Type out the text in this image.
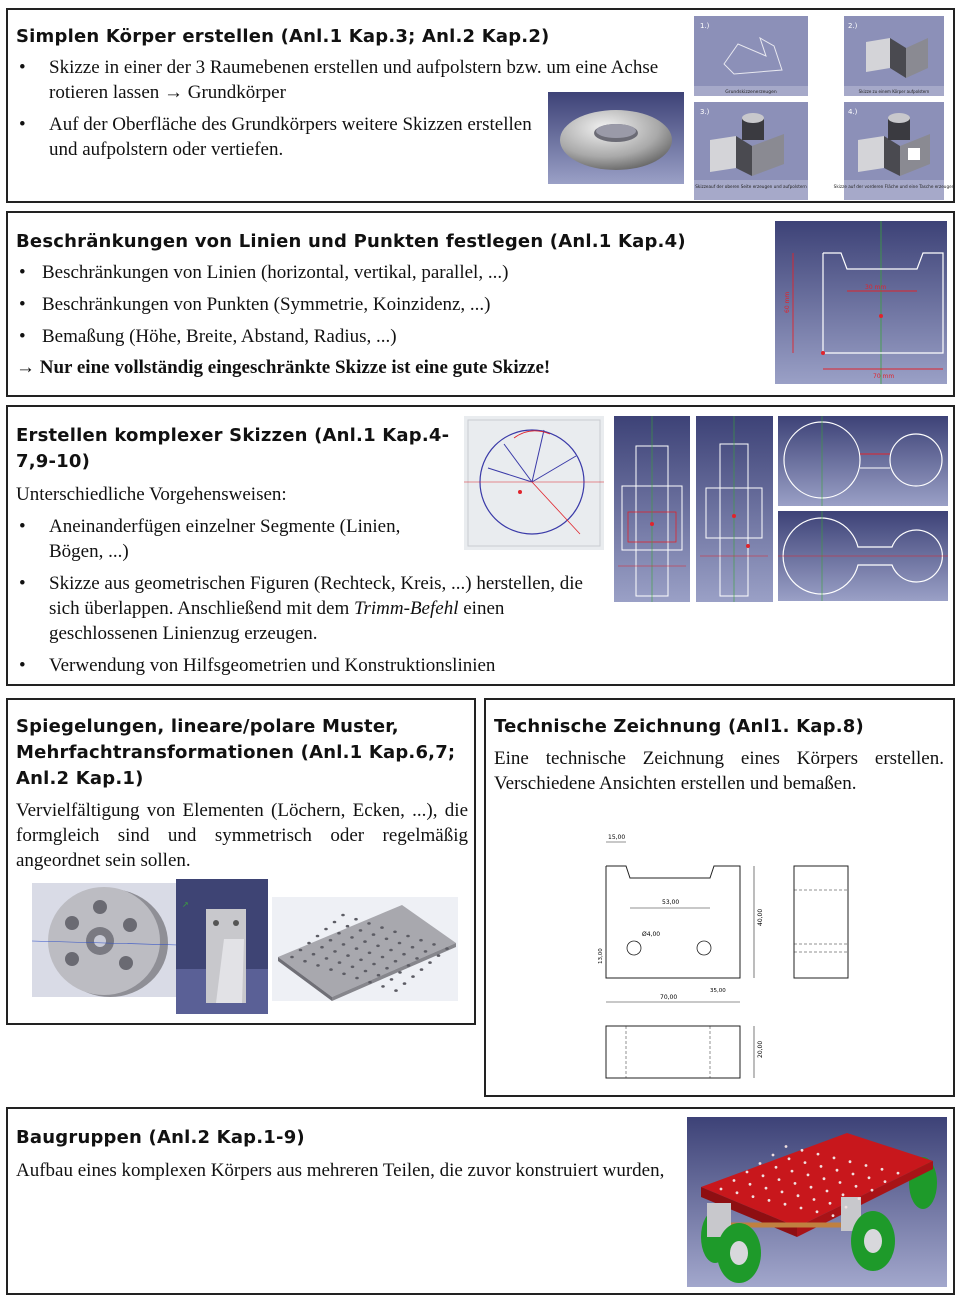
Simplen Körper erstellen (Anl.1 Kap.3; Anl.2 Kap.2)
• Skizze in einer der 3 Raumebenen erstellen und aufpolstern bzw. um eine Achse rotieren lassen → Grundkörper
• Auf der Oberfläche des Grundkörpers weitere Skizzen erstellen und aufpolstern oder vertiefen.
1.)
Grundskizzenerzeugen
2.)
Skizze zu einem Körper aufpolstern
3.)
Skizzeauf der oberen Seite erzeugen und aufpolstern
4.)
Skizze auf der vorderen Fläche und eine Tasche erzeugen
Beschränkungen von Linien und Punkten festlegen (Anl.1 Kap.4)
• Beschränkungen von Linien (horizontal, vertikal, parallel, ...)
• Beschränkungen von Punkten (Symmetrie, Koinzidenz, ...)
• Bemaßung (Höhe, Breite, Abstand, Radius, ...)
→ Nur eine vollständig eingeschränkte Skizze ist eine gute Skizze!
30 mm
60 mm
70 mm
Erstellen komplexer Skizzen (Anl.1 Kap.4-7,9-10)

Unterschiedliche Vorgehensweisen:

• Aneinanderfügen einzelner Segmente (Linien, Bögen, ...)
• Skizze aus geometrischen Figuren (Rechteck, Kreis, ...) herstellen, die sich überlappen. Anschließend mit dem Trimm-Befehl einen geschlossenen Linienzug erzeugen.
• Verwendung von Hilfsgeometrien und Konstruktionslinien
Spiegelungen, lineare/polare Muster, Mehrfachtransformationen (Anl.1 Kap.6,7; Anl.2 Kap.1)

Vervielfältigung von Elementen (Löchern, Ecken, ...), die formgleich sind und symmetrisch oder regelmäßig angeordnet sein sollen.

↗
Technische Zeichnung (Anl1. Kap.8)

Eine technische Zeichnung eines Körpers erstellen. Verschiedene Ansichten erstellen und bemaßen.

15,00
53,00
40,00
70,00
Ø4,00
35,00
13,00
20,00
Baugruppen (Anl.2 Kap.1-9)

Aufbau eines komplexen Körpers aus mehreren Teilen, die zuvor konstruiert wurden,
